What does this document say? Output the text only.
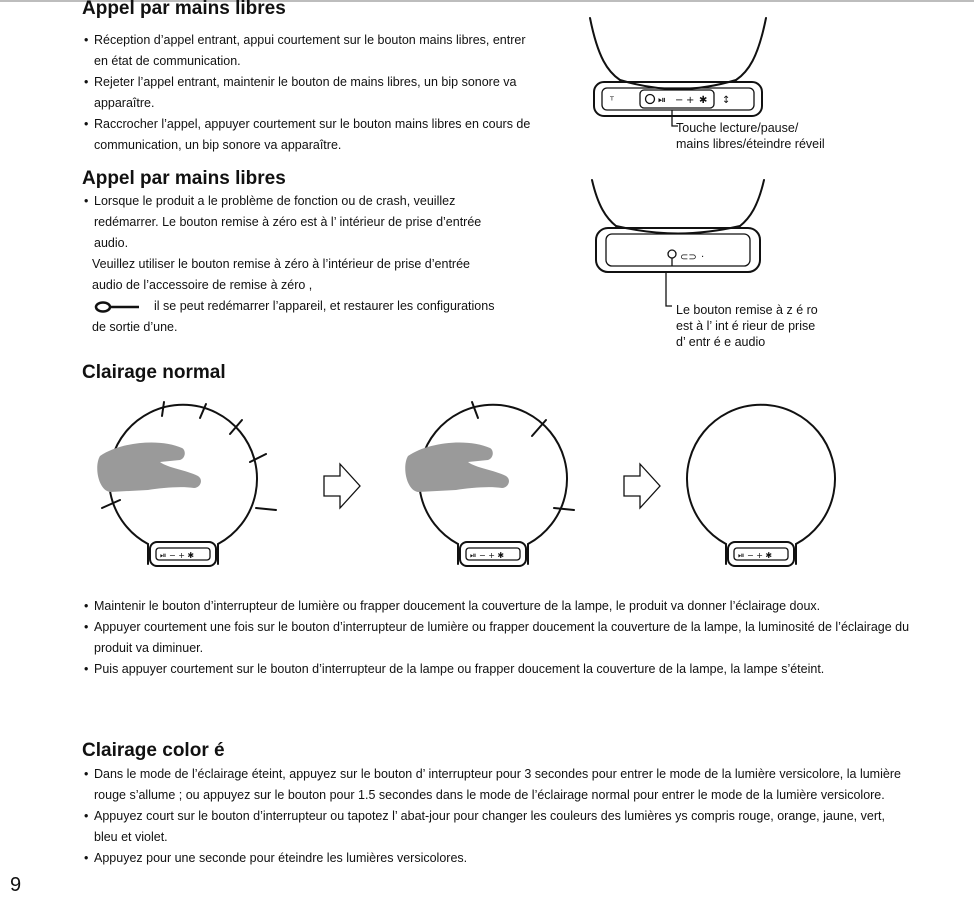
Appel par mains libres
• Réception d’appel entrant, appui courtement sur le bouton mains libres, entrer en état de communication.
• Rejeter l’appel entrant, maintenir le bouton de mains libres, un bip sonore va apparaître.
• Raccrocher l’appel, appuyer courtement sur le bouton mains libres en cours de communication, un bip sonore va apparaître.
ᵀ	⏯ − + ✱ ↕

Touche lecture/pause/
mains libres/éteindre réveil

Appel par mains libres
• Lorsque le produit a le problème de fonction ou de crash, veuillez redémarrer. Le bouton remise à zéro est à l’ intérieur de prise d’entrée audio.

Veuillez utiliser le bouton remise à zéro à l’intérieur de prise d’entrée audio de l’accessoire de remise à zéro ,

il se peut redémarrer l’appareil, et restaurer les configurations de sortie d’une.

⊂⊃ ·

Le bouton remise à z é ro
est à l’ int é rieur de prise
d’ entr é e audio

Clairage normal
⏯ − + ✱	⏯ − + ✱	⏯ − + ✱
• Maintenir le bouton d’interrupteur de lumière ou frapper doucement la couverture de la lampe, le produit va donner l’éclairage doux.
• Appuyer courtement une fois sur le bouton d’interrupteur de lumière ou frapper doucement la couverture de la lampe, la luminosité de l’éclairage du produit va diminuer.
• Puis appuyer courtement sur le bouton d’interrupteur de la lampe ou frapper doucement la couverture de la lampe, la lampe s’éteint.
Clairage color é
• Dans le mode de l’éclairage éteint, appuyez sur le bouton d’ interrupteur pour 3 secondes pour entrer le mode de la lumière versicolore, la lumière rouge s’allume ; ou appuyez sur le bouton pour 1.5 secondes dans le mode de l’éclairage normal pour entrer le mode de la lumière versicolore.
• Appuyez court sur le bouton d’interrupteur ou tapotez l’ abat-jour pour changer les couleurs des lumières ys compris rouge, orange, jaune, vert, bleu et violet.
• Appuyez pour une seconde pour éteindre les lumières versicolores.
9
